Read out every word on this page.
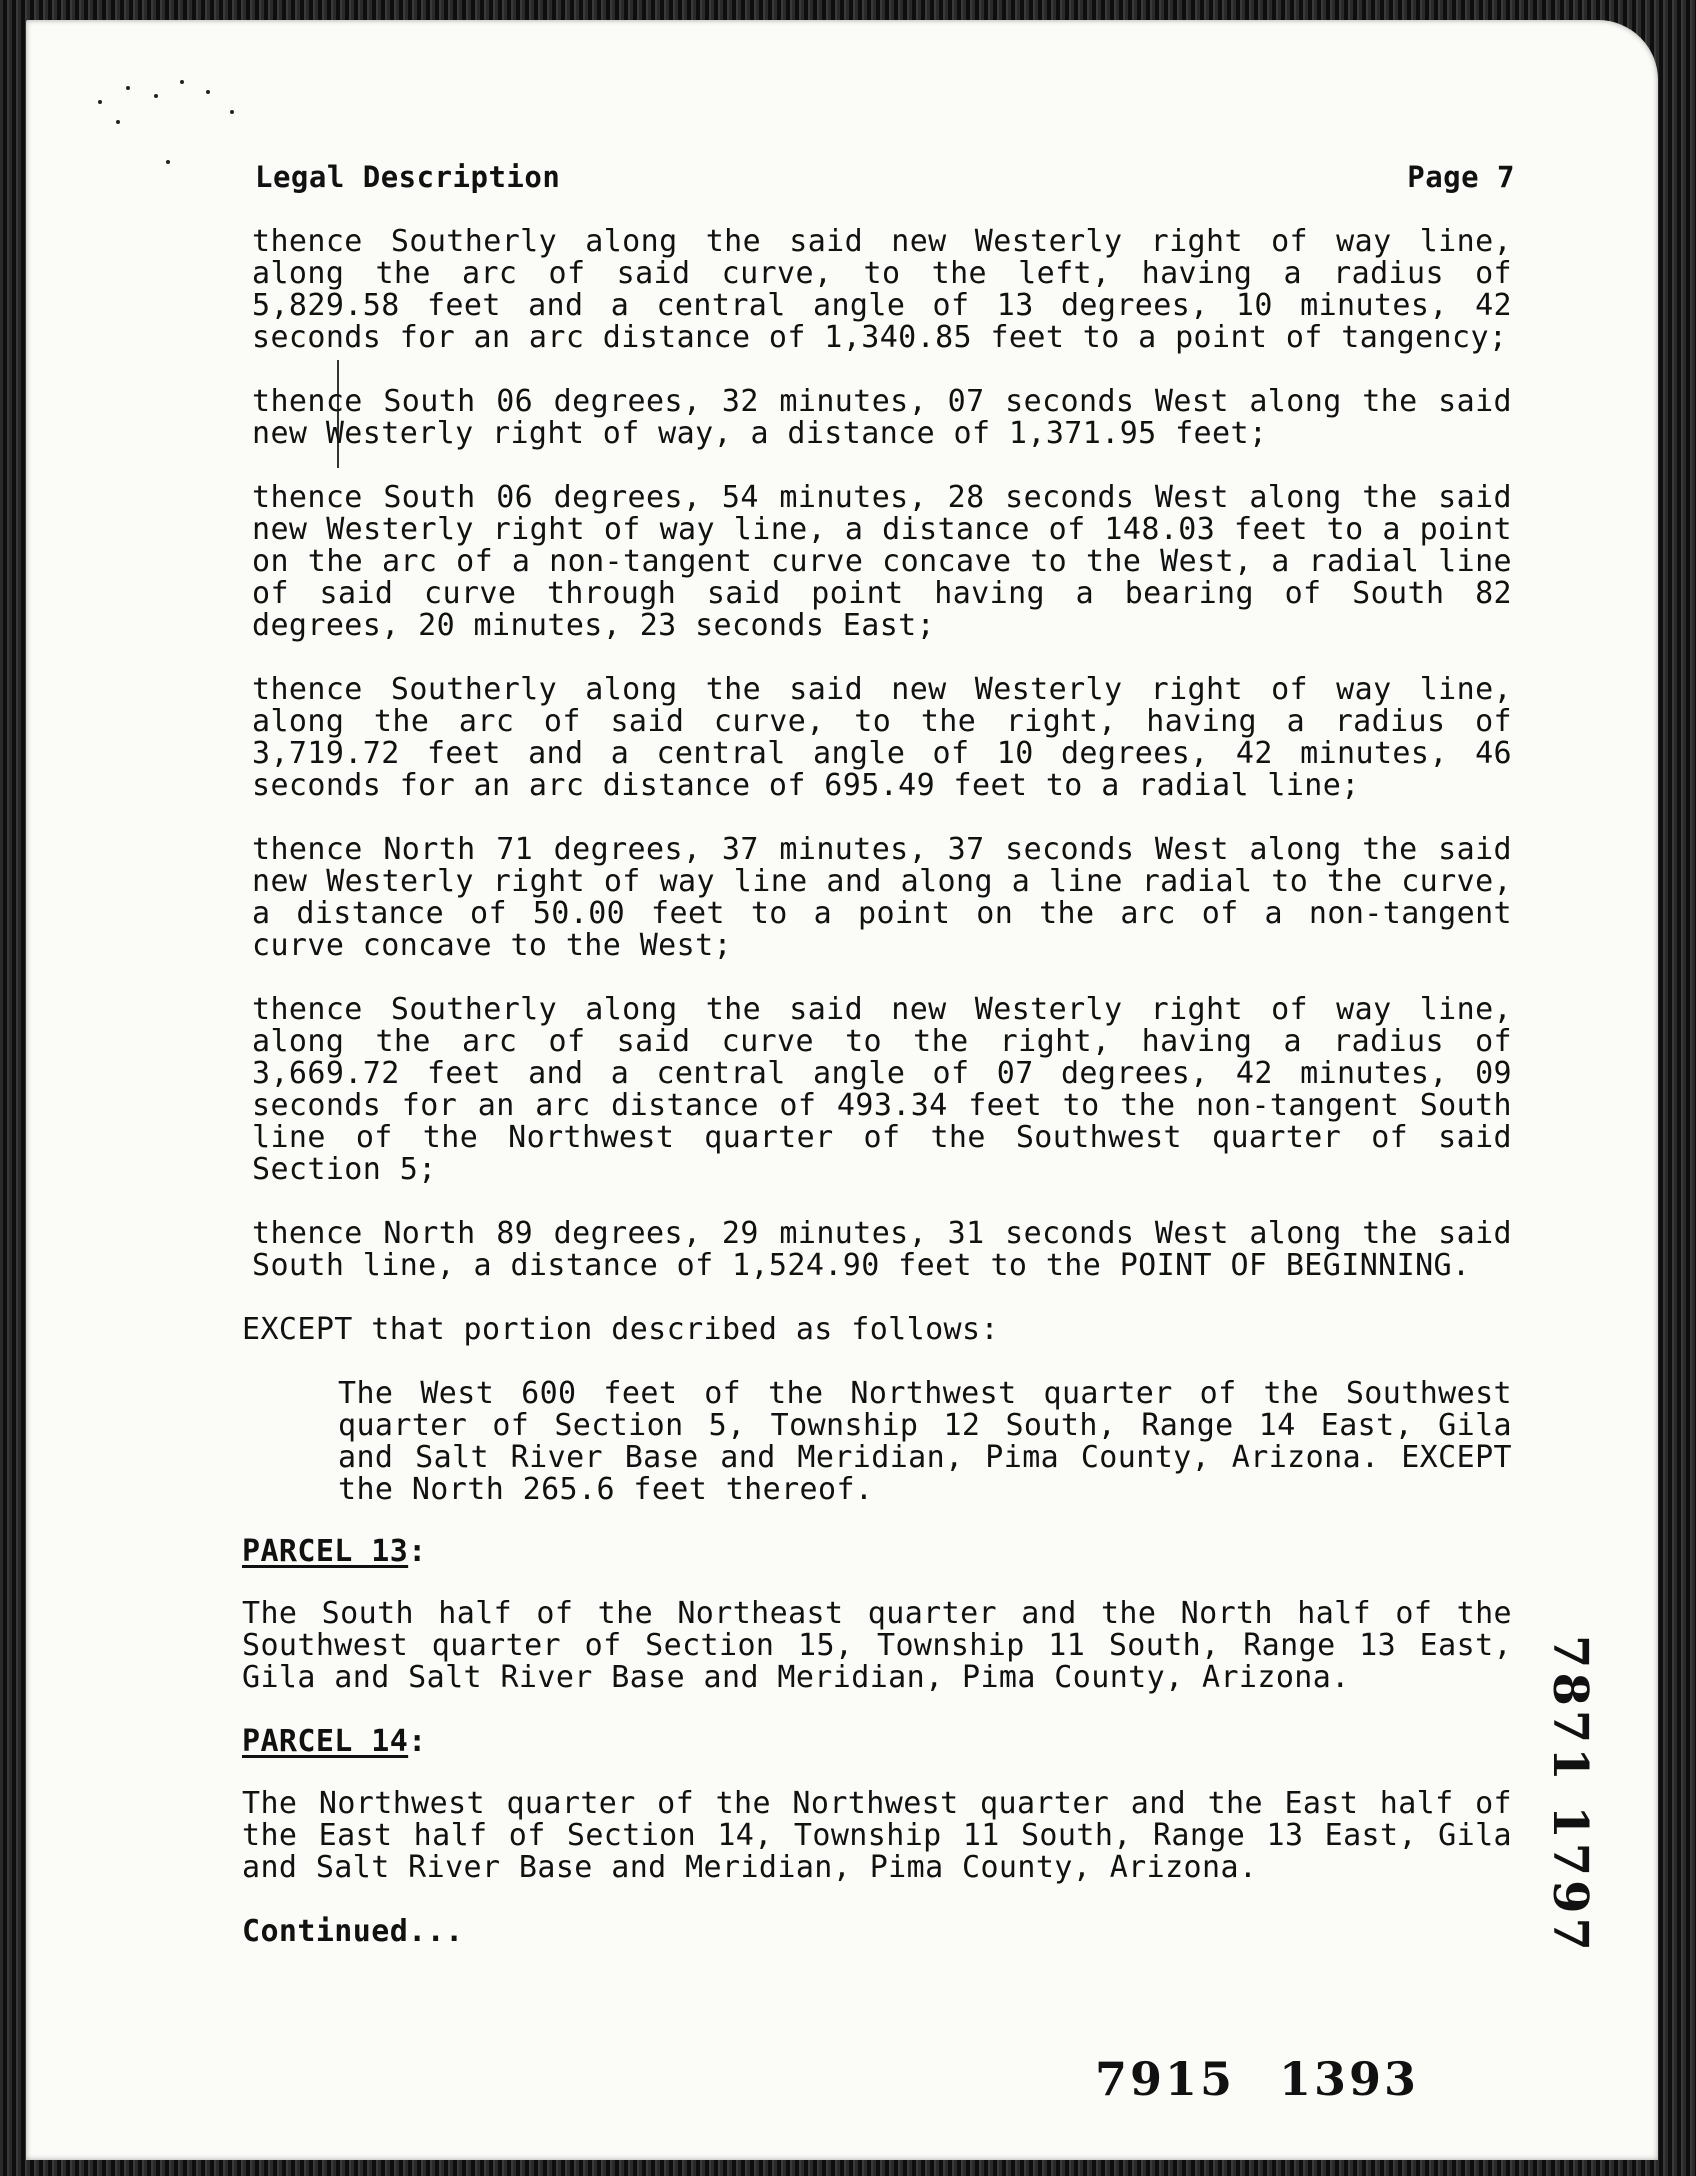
Legal Description	Page 7

thence Southerly along the said new Westerly right of way line, along the arc of said curve, to the left, having a radius of 5,829.58 feet and a central angle of 13 degrees, 10 minutes, 42 seconds for an arc distance of 1,340.85 feet to a point of tangency;

thence South 06 degrees, 32 minutes, 07 seconds West along the said new Westerly right of way, a distance of 1,371.95 feet;

thence South 06 degrees, 54 minutes, 28 seconds West along the said new Westerly right of way line, a distance of 148.03 feet to a point on the arc of a non-tangent curve concave to the West, a radial line of said curve through said point having a bearing of South 82 degrees, 20 minutes, 23 seconds East;

thence Southerly along the said new Westerly right of way line, along the arc of said curve, to the right, having a radius of 3,719.72 feet and a central angle of 10 degrees, 42 minutes, 46 seconds for an arc distance of 695.49 feet to a radial line;

thence North 71 degrees, 37 minutes, 37 seconds West along the said new Westerly right of way line and along a line radial to the curve, a distance of 50.00 feet to a point on the arc of a non-tangent curve concave to the West;

thence Southerly along the said new Westerly right of way line, along the arc of said curve to the right, having a radius of 3,669.72 feet and a central angle of 07 degrees, 42 minutes, 09 seconds for an arc distance of 493.34 feet to the non-tangent South line of the Northwest quarter of the Southwest quarter of said Section 5;

thence North 89 degrees, 29 minutes, 31 seconds West along the said South line, a distance of 1,524.90 feet to the POINT OF BEGINNING.

EXCEPT that portion described as follows:

The West 600 feet of the Northwest quarter of the Southwest quarter of Section 5, Township 12 South, Range 14 East, Gila and Salt River Base and Meridian, Pima County, Arizona. EXCEPT the North 265.6 feet thereof.

PARCEL 13:

The South half of the Northeast quarter and the North half of the Southwest quarter of Section 15, Township 11 South, Range 13 East, Gila and Salt River Base and Meridian, Pima County, Arizona.

PARCEL 14:

The Northwest quarter of the Northwest quarter and the East half of the East half of Section 14, Township 11 South, Range 13 East, Gila and Salt River Base and Meridian, Pima County, Arizona.

Continued...	7871 1797
7915 1393
